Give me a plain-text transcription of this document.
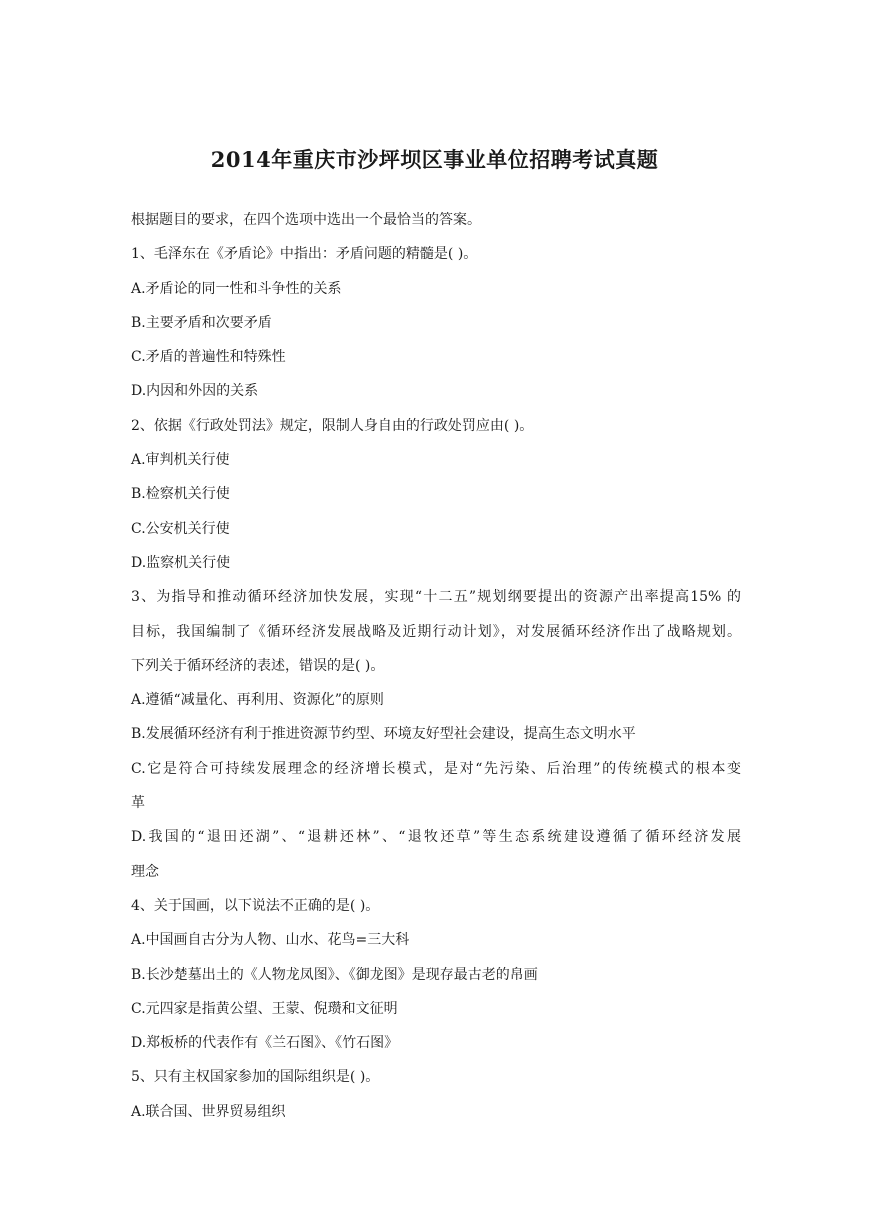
2014年重庆市沙坪坝区事业单位招聘考试真题
根据题目的要求，在四个选项中选出一个最恰当的答案。
1、毛泽东在《矛盾论》中指出：矛盾问题的精髓是( )。
A.矛盾论的同一性和斗争性的关系
B.主要矛盾和次要矛盾
C.矛盾的普遍性和特殊性
D.内因和外因的关系
2、依据《行政处罚法》规定，限制人身自由的行政处罚应由( )。
A.审判机关行使
B.检察机关行使
C.公安机关行使
D.监察机关行使
3、为指导和推动循环经济加快发展，实现“十二五”规划纲要提出的资源产出率提高15% 的
目标，我国编制了《循环经济发展战略及近期行动计划》，对发展循环经济作出了战略规划。
下列关于循环经济的表述，错误的是( )。
A.遵循“减量化、再利用、资源化”的原则
B.发展循环经济有利于推进资源节约型、环境友好型社会建设，提高生态文明水平
C.它是符合可持续发展理念的经济增长模式，是对“先污染、后治理”的传统模式的根本变
革
D.我国的“退田还湖”、“退耕还林”、“退牧还草”等生态系统建设遵循了循环经济发展
理念
4、关于国画，以下说法不正确的是( )。
A.中国画自古分为人物、山水、花鸟=三大科
B.长沙楚墓出土的《人物龙凤图》、《御龙图》是现存最古老的帛画
C.元四家是指黄公望、王蒙、倪瓒和文征明
D.郑板桥的代表作有《兰石图》、《竹石图》
5、只有主权国家参加的国际组织是( )。
A.联合国、世界贸易组织
